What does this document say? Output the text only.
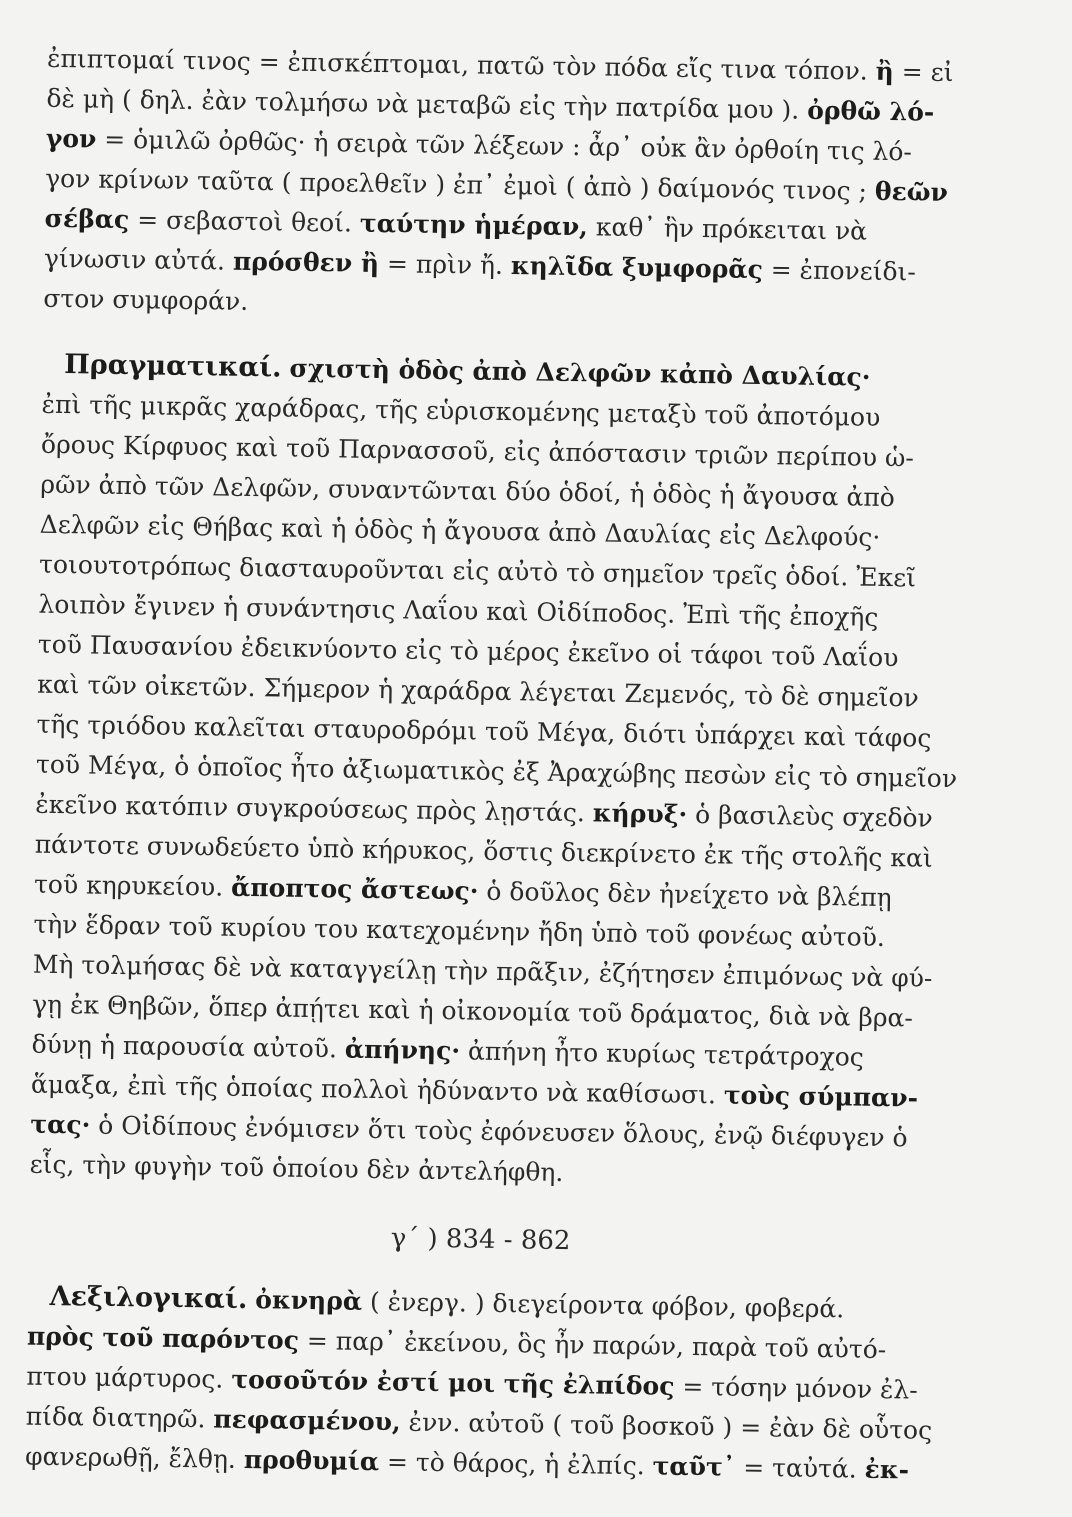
ἐπιπτομαί τινος = ἐπισκέπτομαι, πατῶ τὸν πόδα εἴς τινα τόπον. ἢ = εἰ
δὲ μὴ ( δηλ. ἐὰν τολμήσω νὰ μεταβῶ εἰς τὴν πατρίδα μου ). ὀρθῶ λό-
γον = ὁμιλῶ ὀρθῶς· ἡ σειρὰ τῶν λέξεων : ἆρ᾽ οὐκ ἂν ὀρθοίη τις λό-
γον κρίνων ταῦτα ( προελθεῖν ) ἐπ᾽ ἐμοὶ ( ἀπὸ ) δαίμονός τινος ; θεῶν
σέβας = σεβαστοὶ θεοί. ταύτην ἡμέραν, καθ᾽ ἣν πρόκειται νὰ
γίνωσιν αὐτά. πρόσθεν ἢ = πρὶν ἤ. κηλῖδα ξυμφορᾶς = ἐπονείδι-
στον συμφοράν.
Πραγματικαί. σχιστὴ ὁδὸς ἀπὸ Δελφῶν κἀπὸ Δαυλίας·
ἐπὶ τῆς μικρᾶς χαράδρας, τῆς εὑρισκομένης μεταξὺ τοῦ ἀποτόμου
ὄρους Κίρφυος καὶ τοῦ Παρνασσοῦ, εἰς ἀπόστασιν τριῶν περίπου ὡ-
ρῶν ἀπὸ τῶν Δελφῶν, συναντῶνται δύο ὁδοί, ἡ ὁδὸς ἡ ἄγουσα ἀπὸ
Δελφῶν εἰς Θήβας καὶ ἡ ὁδὸς ἡ ἄγουσα ἀπὸ Δαυλίας εἰς Δελφούς·
τοιουτοτρόπως διασταυροῦνται εἰς αὐτὸ τὸ σημεῖον τρεῖς ὁδοί. Ἐκεῖ
λοιπὸν ἔγινεν ἡ συνάντησις Λαΐου καὶ Οἰδίποδος. Ἐπὶ τῆς ἐποχῆς
τοῦ Παυσανίου ἐδεικνύοντο εἰς τὸ μέρος ἐκεῖνο οἱ τάφοι τοῦ Λαΐου
καὶ τῶν οἰκετῶν. Σήμερον ἡ χαράδρα λέγεται Ζεμενός, τὸ δὲ σημεῖον
τῆς τριόδου καλεῖται σταυροδρόμι τοῦ Μέγα, διότι ὑπάρχει καὶ τάφος
τοῦ Μέγα, ὁ ὁποῖος ἦτο ἀξιωματικὸς ἐξ Ἀραχώβης πεσὼν εἰς τὸ σημεῖον
ἐκεῖνο κατόπιν συγκρούσεως πρὸς λῃστάς. κήρυξ· ὁ βασιλεὺς σχεδὸν
πάντοτε συνωδεύετο ὑπὸ κήρυκος, ὅστις διεκρίνετο ἐκ τῆς στολῆς καὶ
τοῦ κηρυκείου. ἄποπτος ἄστεως· ὁ δοῦλος δὲν ἠνείχετο νὰ βλέπῃ
τὴν ἕδραν τοῦ κυρίου του κατεχομένην ἤδη ὑπὸ τοῦ φονέως αὐτοῦ.
Μὴ τολμήσας δὲ νὰ καταγγείλῃ τὴν πρᾶξιν, ἐζήτησεν ἐπιμόνως νὰ φύ-
γῃ ἐκ Θηβῶν, ὅπερ ἀπῄτει καὶ ἡ οἰκονομία τοῦ δράματος, διὰ νὰ βρα-
δύνῃ ἡ παρουσία αὐτοῦ. ἀπήνης· ἀπήνη ἦτο κυρίως τετράτροχος
ἅμαξα, ἐπὶ τῆς ὁποίας πολλοὶ ἠδύναντο νὰ καθίσωσι. τοὺς σύμπαν-
τας· ὁ Οἰδίπους ἐνόμισεν ὅτι τοὺς ἐφόνευσεν ὅλους, ἐνῷ διέφυγεν ὁ
εἷς, τὴν φυγὴν τοῦ ὁποίου δὲν ἀντελήφθη.
γ΄ ) 834 - 862
Λεξιλογικαί. ὀκνηρὰ ( ἐνεργ. ) διεγείροντα φόβον, φοβερά.
πρὸς τοῦ παρόντος = παρ᾽ ἐκείνου, ὃς ἦν παρών, παρὰ τοῦ αὐτό-
πτου μάρτυρος. τοσοῦτόν ἐστί μοι τῆς ἐλπίδος = τόσην μόνον ἐλ-
πίδα διατηρῶ. πεφασμένου, ἐνν. αὐτοῦ ( τοῦ βοσκοῦ ) = ἐὰν δὲ οὗτος
φανερωθῇ, ἔλθῃ. προθυμία = τὸ θάρος, ἡ ἐλπίς. ταῦτ᾽ = ταὐτά. ἐκ-
